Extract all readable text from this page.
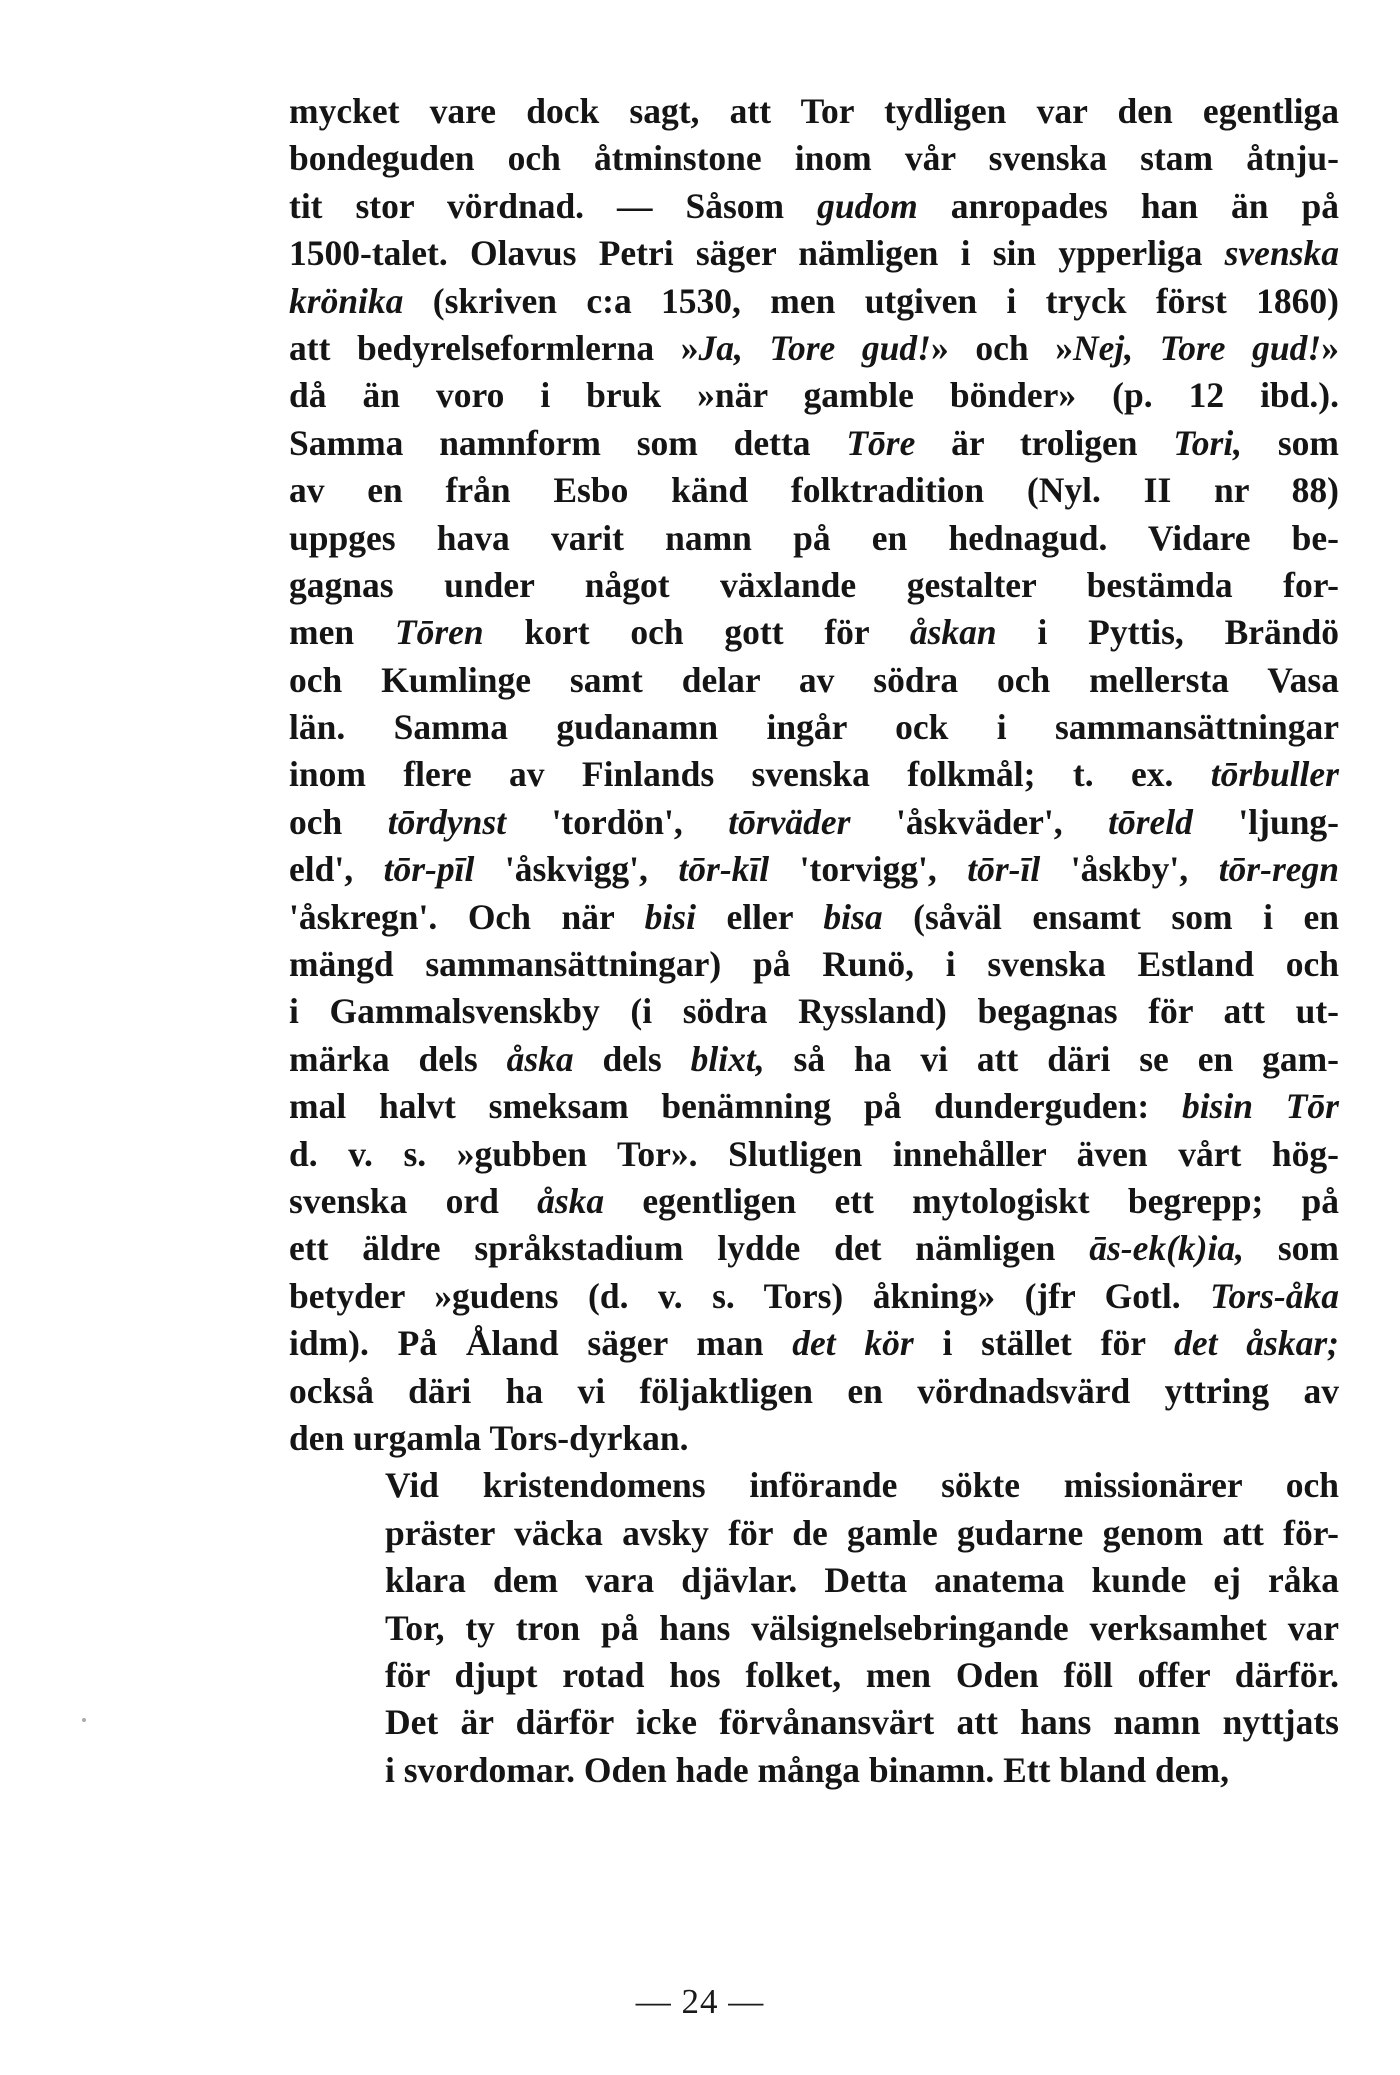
mycket vare dock sagt, att Tor tydligen var den egentliga
bondeguden och åtminstone inom vår svenska stam åtnju-
tit stor vördnad. — Såsom gudom anropades han än på
1500-talet. Olavus Petri säger nämligen i sin ypperliga svenska
krönika (skriven c:a 1530, men utgiven i tryck först 1860)
att bedyrelseformlerna »Ja, Tore gud!» och »Nej, Tore gud!»
då än voro i bruk »när gamble bönder» (p. 12 ibd.).
Samma namnform som detta Tōre är troligen Tori, som
av en från Esbo känd folktradition (Nyl. II nr 88)
uppges hava varit namn på en hednagud. Vidare be-
gagnas under något växlande gestalter bestämda for-
men Tōren kort och gott för åskan i Pyttis, Brändö
och Kumlinge samt delar av södra och mellersta Vasa
län. Samma gudanamn ingår ock i sammansättningar
inom flere av Finlands svenska folkmål; t. ex. tōrbuller
och tōrdynst 'tordön', tōrväder 'åskväder', tōreld 'ljung-
eld', tōr-pīl 'åskvigg', tōr-kīl 'torvigg', tōr-īl 'åskby', tōr-regn
'åskregn'. Och när bisi eller bisa (såväl ensamt som i en
mängd sammansättningar) på Runö, i svenska Estland och
i Gammalsvenskby (i södra Ryssland) begagnas för att ut-
märka dels åska dels blixt, så ha vi att däri se en gam-
mal halvt smeksam benämning på dunderguden: bisin Tōr
d. v. s. »gubben Tor». Slutligen innehåller även vårt hög-
svenska ord åska egentligen ett mytologiskt begrepp; på
ett äldre språkstadium lydde det nämligen ās-ek(k)ia, som
betyder »gudens (d. v. s. Tors) åkning» (jfr Gotl. Tors-åka
idm). På Åland säger man det kör i stället för det åskar;
också däri ha vi följaktligen en vördnadsvärd yttring av
den urgamla Tors-dyrkan.
Vid kristendomens införande sökte missionärer och
präster väcka avsky för de gamle gudarne genom att för-
klara dem vara djävlar. Detta anatema kunde ej råka
Tor, ty tron på hans välsignelsebringande verksamhet var
för djupt rotad hos folket, men Oden föll offer därför.
Det är därför icke förvånansvärt att hans namn nyttjats
i svordomar. Oden hade många binamn. Ett bland dem,
— 24 —
